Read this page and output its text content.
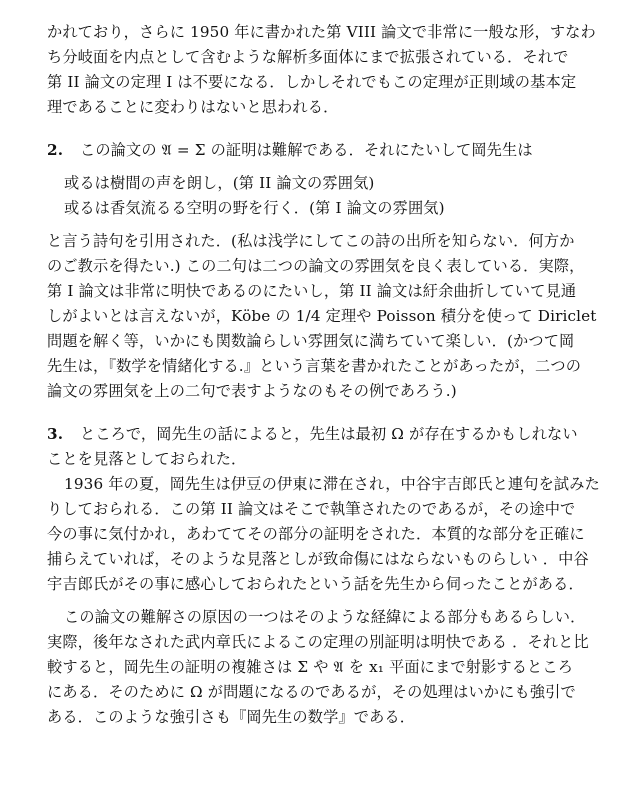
かれており，さらに 1950 年に書かれた第 VIII 論文で非常に一般な形，すなわ
ち分岐面を内点として含むような解析多面体にまで拡張されている．それで
第 II 論文の定理 I は不要になる．しかしそれでもこの定理が正則域の基本定
理であることに変わりはないと思われる．
2. この論文の 𝔄 = Σ の証明は難解である．それにたいして岡先生は
或るは樹間の声を朗し，(第 II 論文の雰囲気)
或るは香気流るる空明の野を行く．(第 I 論文の雰囲気)
と言う詩句を引用された．(私は浅学にしてこの詩の出所を知らない．何方か
のご教示を得たい.) この二句は二つの論文の雰囲気を良く表している．実際，
第 I 論文は非常に明快であるのにたいし，第 II 論文は紆余曲折していて見通
しがよいとは言えないが，Köbe の 1/4 定理や Poisson 積分を使って Diriclet
問題を解く等，いかにも関数論らしい雰囲気に満ちていて楽しい．(かつて岡
先生は，『数学を情緒化する.』という言葉を書かれたことがあったが，二つの
論文の雰囲気を上の二句で表すようなのもその例であろう.)
3. ところで，岡先生の話によると，先生は最初 Ω が存在するかもしれない
ことを見落としておられた．
1936 年の夏，岡先生は伊豆の伊東に滞在され，中谷宇吉郎氏と連句を試みた
りしておられる．この第 II 論文はそこで執筆されたのであるが，その途中で
今の事に気付かれ，あわててその部分の証明をされた．本質的な部分を正確に
捕らえていれば，そのような見落としが致命傷にはならないものらしい ．中谷
宇吉郎氏がその事に感心しておられたという話を先生から伺ったことがある．
この論文の難解さの原因の一つはそのような経緯による部分もあるらしい．
実際，後年なされた武内章氏によるこの定理の別証明は明快である ．それと比
較すると，岡先生の証明の複雑さは Σ や 𝔄 を x₁ 平面にまで射影するところ
にある．そのために Ω が問題になるのであるが，その処理はいかにも強引で
ある．このような強引さも『岡先生の数学』である．
